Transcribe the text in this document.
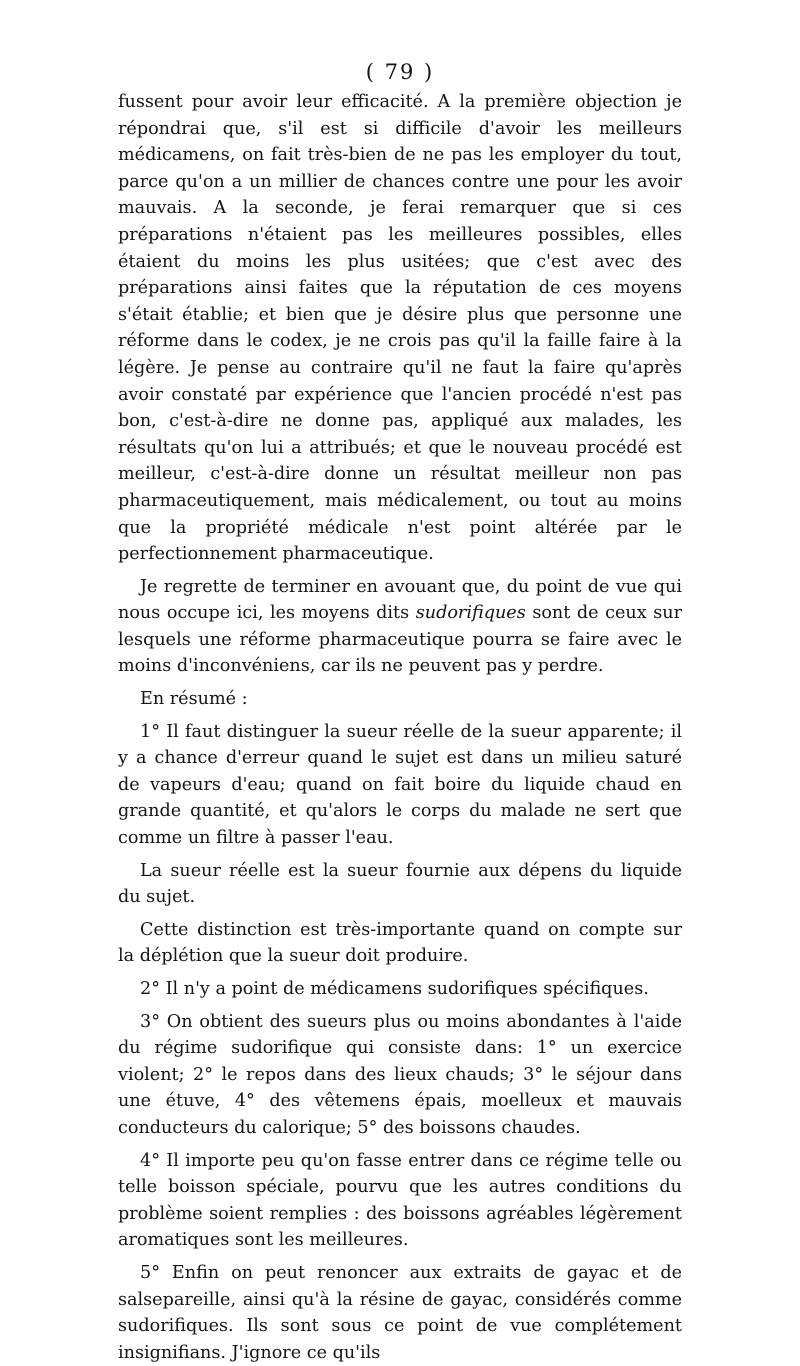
( 79 )

fussent pour avoir leur efficacité. A la première objection je répondrai que, s'il est si difficile d'avoir les meilleurs médicamens, on fait très-bien de ne pas les employer du tout, parce qu'on a un millier de chances contre une pour les avoir mauvais. A la seconde, je ferai remarquer que si ces préparations n'étaient pas les meilleures possibles, elles étaient du moins les plus usitées; que c'est avec des préparations ainsi faites que la réputation de ces moyens s'était établie; et bien que je désire plus que personne une réforme dans le codex, je ne crois pas qu'il la faille faire à la légère. Je pense au contraire qu'il ne faut la faire qu'après avoir constaté par expérience que l'ancien procédé n'est pas bon, c'est-à-dire ne donne pas, appliqué aux malades, les résultats qu'on lui a attribués; et que le nouveau procédé est meilleur, c'est-à-dire donne un résultat meilleur non pas pharmaceutiquement, mais médicalement, ou tout au moins que la propriété médicale n'est point altérée par le perfectionnement pharmaceutique.

Je regrette de terminer en avouant que, du point de vue qui nous occupe ici, les moyens dits sudorifiques sont de ceux sur lesquels une réforme pharmaceutique pourra se faire avec le moins d'inconvéniens, car ils ne peuvent pas y perdre.

En résumé :

1° Il faut distinguer la sueur réelle de la sueur apparente; il y a chance d'erreur quand le sujet est dans un milieu saturé de vapeurs d'eau; quand on fait boire du liquide chaud en grande quantité, et qu'alors le corps du malade ne sert que comme un filtre à passer l'eau.

La sueur réelle est la sueur fournie aux dépens du liquide du sujet.

Cette distinction est très-importante quand on compte sur la déplétion que la sueur doit produire.

2° Il n'y a point de médicamens sudorifiques spécifiques.

3° On obtient des sueurs plus ou moins abondantes à l'aide du régime sudorifique qui consiste dans: 1° un exercice violent; 2° le repos dans des lieux chauds; 3° le séjour dans une étuve, 4° des vêtemens épais, moelleux et mauvais conducteurs du calorique; 5° des boissons chaudes.

4° Il importe peu qu'on fasse entrer dans ce régime telle ou telle boisson spéciale, pourvu que les autres conditions du problème soient remplies : des boissons agréables légèrement aromatiques sont les meilleures.

5° Enfin on peut renoncer aux extraits de gayac et de salsepareille, ainsi qu'à la résine de gayac, considérés comme sudorifiques. Ils sont sous ce point de vue complétement insignifians. J'ignore ce qu'ils
